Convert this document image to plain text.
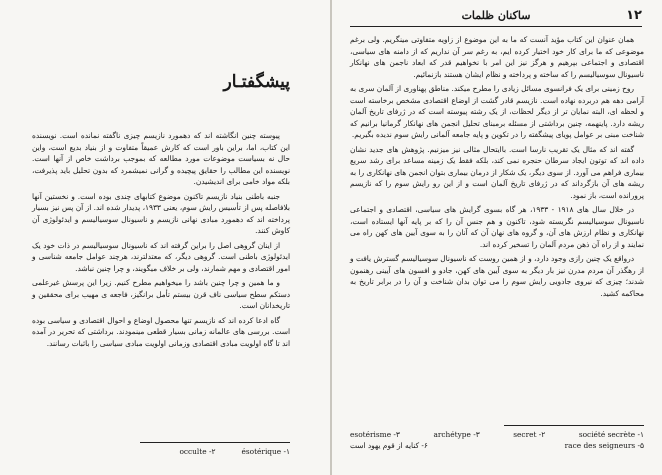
پیشگفتـار

پیوسته چنین انگاشته اند که دهمورد نازیسم چیزی ناگفته نمانده است. نویسنده این کتاب، اما، براین باور است که کارش عمیقاً متفاوت و از بنیاد بدیع است، واین حال نه بسیاست موضوعات مورد مطالعه که بموجب برداشت خاص از آنها است. نویسنده این مطالب را حقایق پیچیده و گرانی نمیشمرد که بدون تحلیل باید پذیرفت، بلکه مواد خامی برای اندیشیدن.

جنبه باطنی بنیاد نازیسم تاکنون موضوع کتابهای چندی بوده است. و نخستین آنها بلافاصله پس از تأسیس رایش سوم، یعنی ۱۹۳۳، پدیدار شده اند. از آن پس نیز بسیار پرداخته اند که دهمورد مبادی نهانی نازیسم و ناسیونال سوسیالیسم و ایدئولوژی آن کاوش کنند.

از اینان گروهی اصل را براین گرفته اند که ناسیونال سوسیالیسم در ذات خود یک ایدئولوژی باطنی است. گروهی دیگر، که معتدلترند، هرچند عوامل جامعه شناسی و امور اقتصادی و مهم شمارند، ولی بر خلاف میگویند، و چرا چنین نباشد.

و ما همین و چرا چنین باشد را میخواهیم مطرح کنیم. زیرا این پرسش غیرعلمی دستکم سطح سیاسی ناف قرن بیستم تأمل برانگیز، فاجعه ی مهیب برای محققین و تاریخدانان است.

گاه ادعا کرده اند که نازیسم تنها محصول اوضاع و احوال اقتصادی و سیاسی بوده است. بررسی های عالمانه زمانی بسیار قطعی مینمودند. برداشتی که تحریر در آمده اند تا گاه اولویت مبادی اقتصادی وزمانی اولویت مبادی سیاسی را باثبات رسانند.

ésotérique -۱
occulte -۲
۱۲
ساکنان ظلمات

همان عنوان این کتاب مؤید آنست که ما به این موضوع از زاویه متفاوتی مینگریم. ولی برغم موضوعی که ما برای کار خود اختیار کرده ایم، به رغم سر آن نداریم که از دامنه های سیاسی، اقتصادی و اجتماعی بپرهیم و هرگز نیز این امر با نخواهیم قدر که ابعاد ناجمن های نهانکار ناسیونال سوسیالیسم را که ساخته و پرداخته و نظام ایشان هستند بازنمائیم.

روح زمینی برای یک فرانسوی مسائل زیادی را مطرح میکند. مناطق پهناوری از آلمان سری به آرامی دهه هم دربرده نهاده است. نازیسم قادر گشت از اوضاع اقتصادی مشخص برخاسته است و لحظه ای، البته نمایان تر از دیگر لحظات، از یک رشته پیوسته است که در ژرفای تاریخ آلمان ریشه دارد. پاینهمه، چنین برداشتی از مسئله برمبنای تحلیل انجمن های نهانکار گرمانیا برانیم که شناخت مبنی بر عوامل پویای پیشگفته را در تکوین و پایه جامعه آلمانی رایش سوم ندیده بگیریم.

گفته اند که مثال یک تقریب نارسا است. باایتحال مثالی نیز میزنیم. پژوهش های جدید نشان داده اند که توتون ایجاد سرطان حنجره نمی کند، بلکه فقط یک زمینه مساعد برای رشد سریع بیماری فراهم می آورد. از سوی دیگر، یک شکار از درمان بیماری بتوان انجمن های نهانکاری را به ریشه های آن بازگرداند که در ژرفای تاریخ آلمان است و از این رو رایش سوم را که نازیسم پرورانده است، باز نمود.

در خلال سال های ۱۹۱۸ - ۱۹۳۳، هر گاه بسوی گرایش های سیاسی، اقتصادی و اجتماعی ناسیونال سوسیالیسم نگریسته شود، تاکنون و هم جنس آن را که بر پایه آنها ایستاده است، نهانکاری و نظام ارزش های آن، و گروه های نهان آن که آنان را به سوی آیین های کهن راه می نمایند و از راه آن ذهن مردم آلمان را تسخیر کرده اند.

درواقع یک چنین رازی وجود دارد، و از همین روست که ناسیونال سوسیالیسم گسترش یافت و از رهگذر آن مردم مدرن نیز بار دیگر به سوی آیین های کهن، جادو و افسون های آیینی رهنمون شدند؛ چیزی که نیروی جادویی رایش سوم را می توان بدان شناخت و آن را در برابر تاریخ به محاکمه کشید.

société secrète -۱
secret -۲
archétype -۳
esotérisme -۳
race des seigneurs -۵
۶- کنایه از قوم یهود است
